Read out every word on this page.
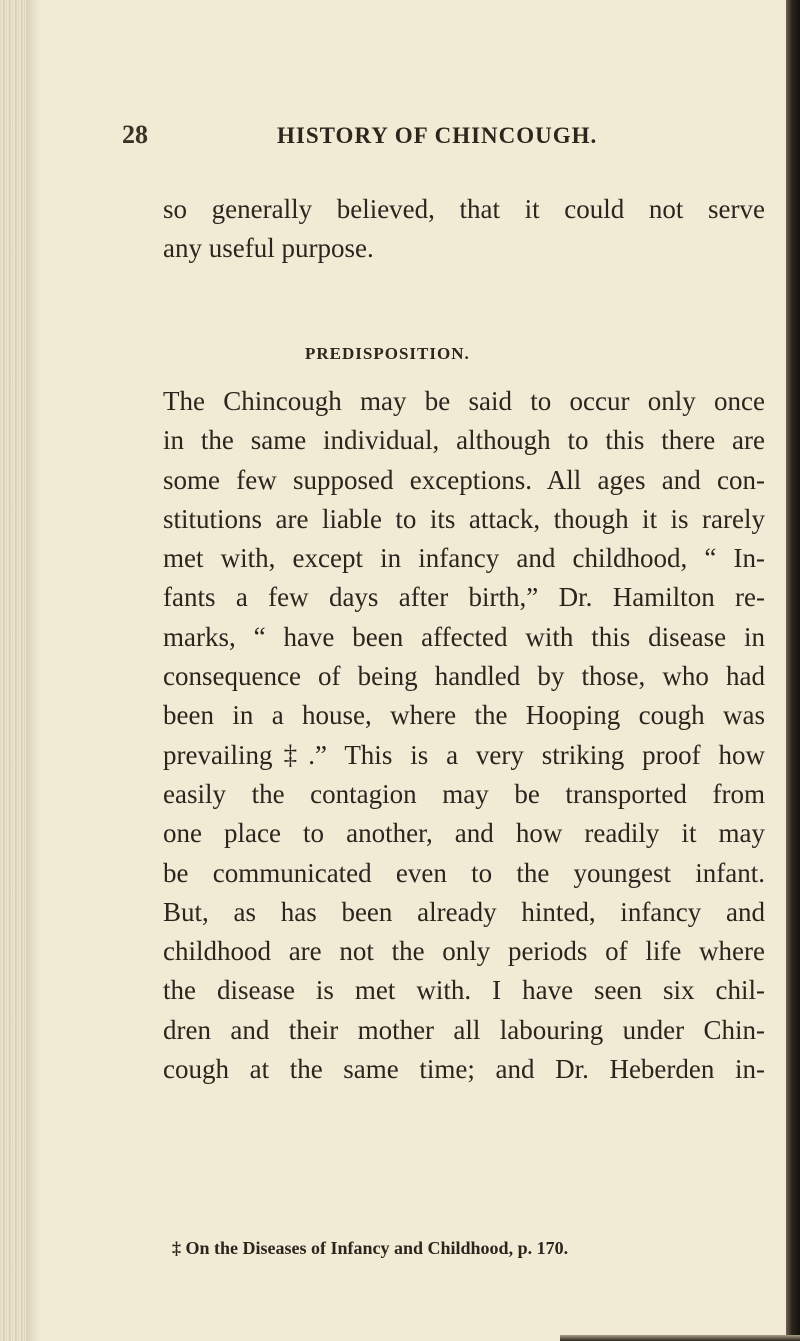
28	HISTORY OF CHINCOUGH.
so generally believed, that it could not serve
any useful purpose.
PREDISPOSITION.
The Chincough may be said to occur only once
in the same individual, although to this there are
some few supposed exceptions. All ages and con-
stitutions are liable to its attack, though it is rarely
met with, except in infancy and childhood, “ In-
fants a few days after birth,” Dr. Hamilton re-
marks, “ have been affected with this disease in
consequence of being handled by those, who had
been in a house, where the Hooping cough was
prevailing‡.” This is a very striking proof how
easily the contagion may be transported from
one place to another, and how readily it may
be communicated even to the youngest infant.
But, as has been already hinted, infancy and
childhood are not the only periods of life where
the disease is met with. I have seen six chil-
dren and their mother all labouring under Chin-
cough at the same time; and Dr. Heberden in-
‡ On the Diseases of Infancy and Childhood, p. 170.
